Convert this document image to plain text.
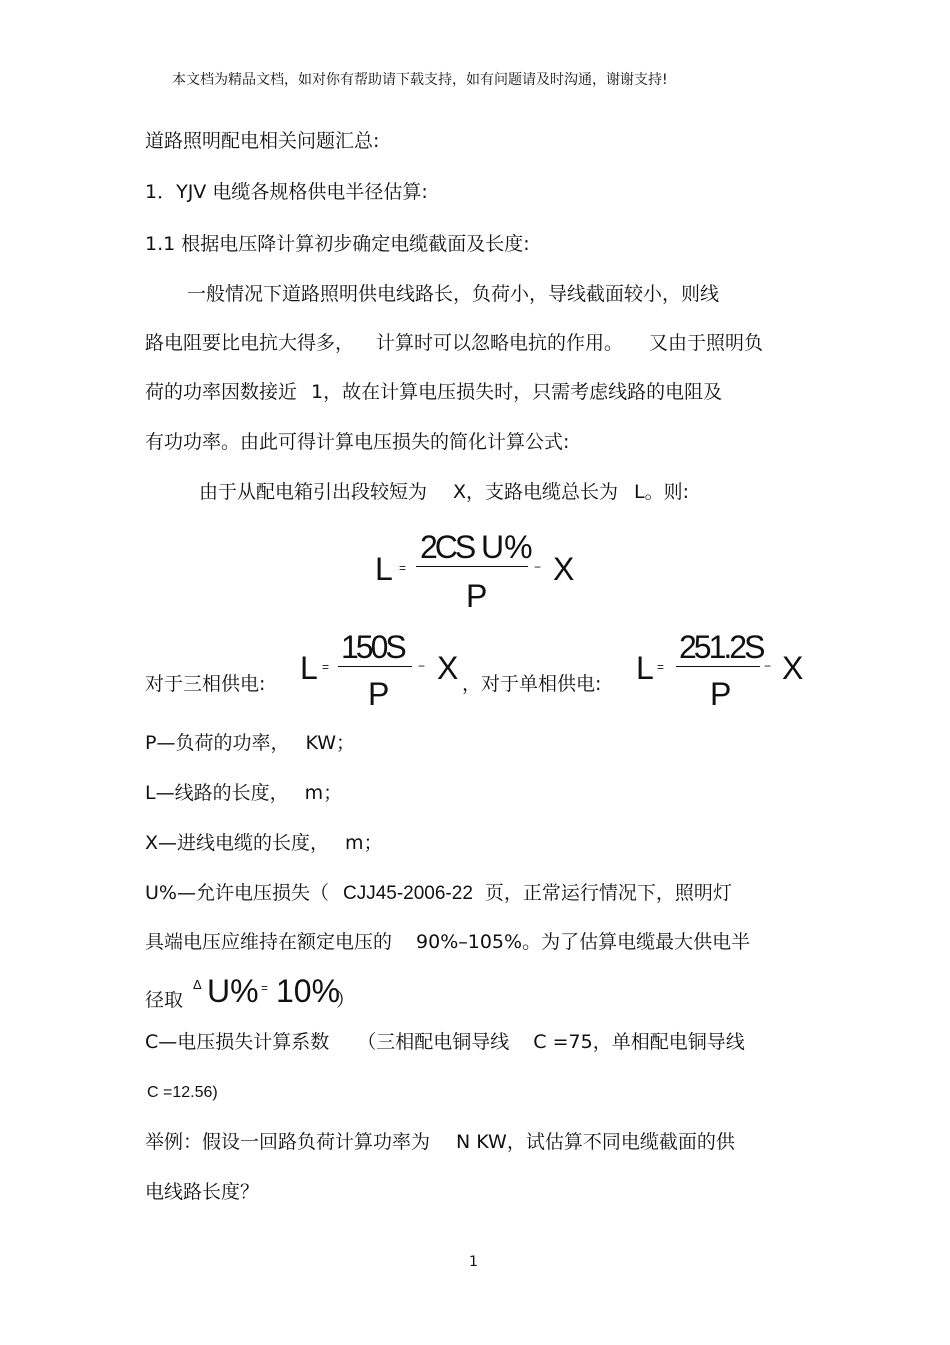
本文档为精品文档，如对你有帮助请下载支持，如有问题请及时沟通，谢谢支持!
道路照明配电相关问题汇总:
1．YJV 电缆各规格供电半径估算:
1.1 根据电压降计算初步确定电缆截面及长度:
一般情况下道路照明供电线路长，负荷小，导线截面较小，则线
路电阻要比电抗大得多， 计算时可以忽略电抗的作用。 又由于照明负
荷的功率因数接近 1，故在计算电压损失时，只需考虑线路的电阻及
有功功率。由此可得计算电压损失的简化计算公式:
由于从配电箱引出段较短为 X，支路电缆总长为 L。则:
L =
2CS U%
P
− X
对于三相供电: L =
150S
P
− X ，对于单相供电: L =
251.2S
P
− X
P—负荷的功率， KW；
L—线路的长度， m；
X—进线电缆的长度， m；
U%—允许电压损失（ CJJ45-2006-22 页，正常运行情况下，照明灯
具端电压应维持在额定电压的 90%–105%。为了估算电缆最大供电半
径取
Δ U% = 10%
）
C—电压损失计算系数 （三相配电铜导线 C =75，单相配电铜导线
C =12.56)
举例：假设一回路负荷计算功率为 N KW，试估算不同电缆截面的供
电线路长度？
1
